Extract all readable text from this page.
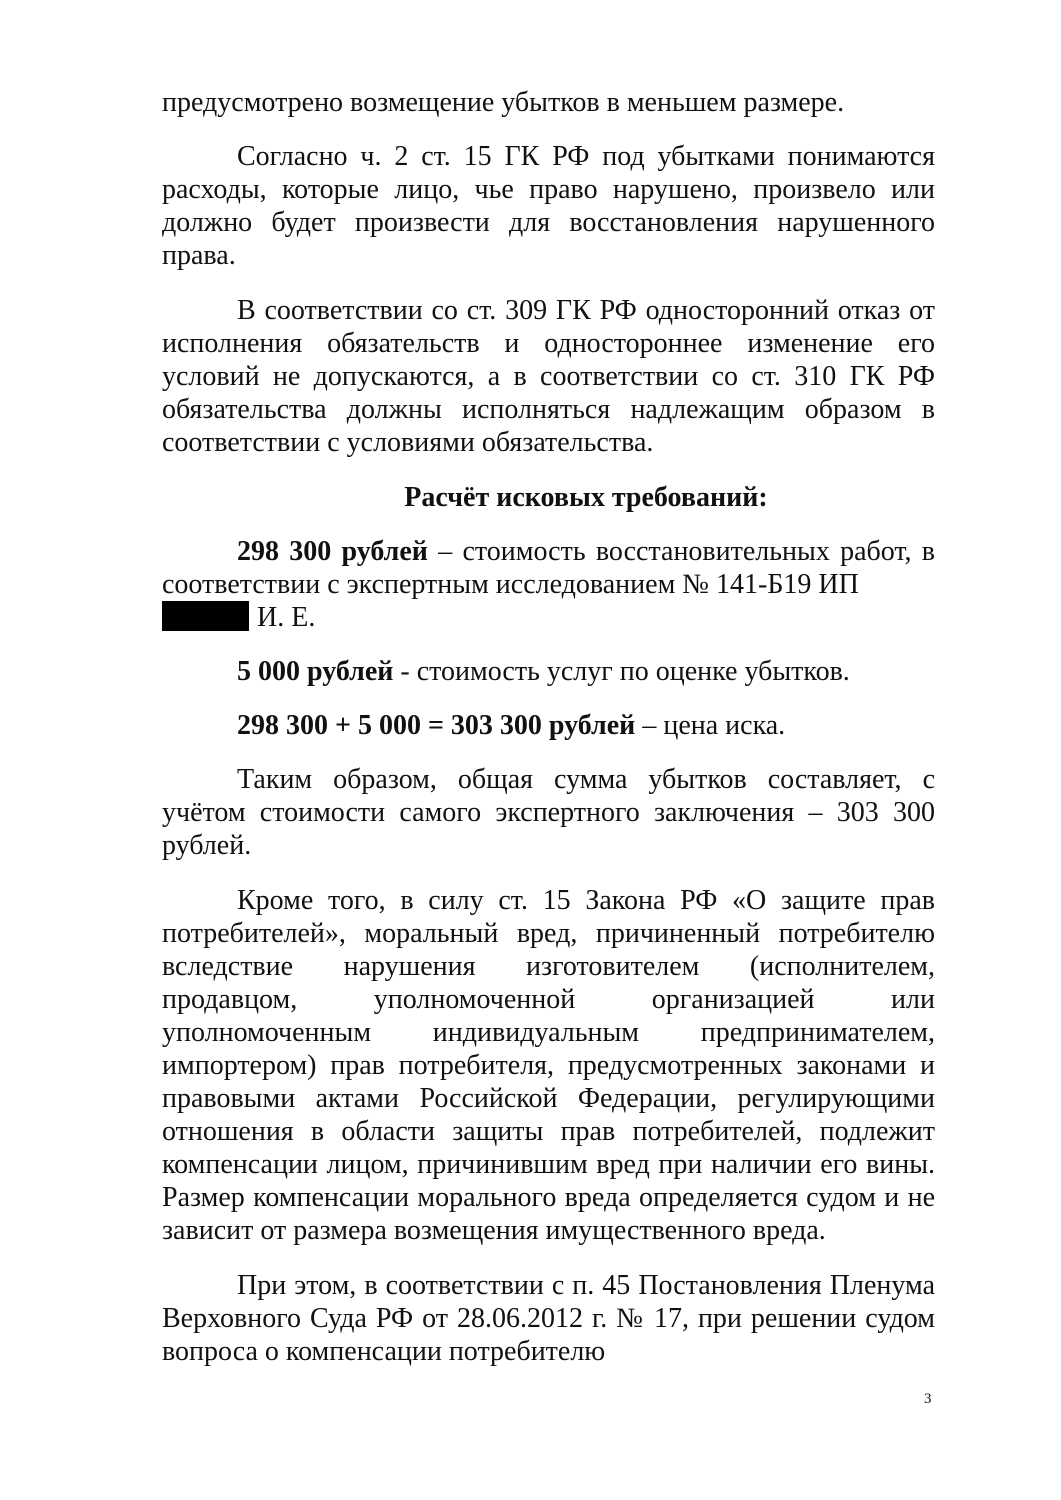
предусмотрено возмещение убытков в меньшем размере.

Согласно ч. 2 ст. 15 ГК РФ под убытками понимаются расходы, которые лицо, чье право нарушено, произвело или должно будет произвести для восстановления нарушенного права.

В соответствии со ст. 309 ГК РФ односторонний отказ от исполнения обязательств и одностороннее изменение его условий не допускаются, а в соответствии со ст. 310 ГК РФ обязательства должны исполняться надлежащим образом в соответствии с условиями обязательства.

Расчёт исковых требований:

298 300 рублей – стоимость восстановительных работ, в соответствии с экспертным исследованием № 141-Б19 ИП
И. Е.

5 000 рублей - стоимость услуг по оценке убытков.

298 300 + 5 000 = 303 300 рублей – цена иска.

Таким образом, общая сумма убытков составляет, с учётом стоимости самого экспертного заключения – 303 300 рублей.

Кроме того, в силу ст. 15 Закона РФ «О защите прав потребителей», моральный вред, причиненный потребителю вследствие нарушения изготовителем (исполнителем, продавцом, уполномоченной организацией или уполномоченным индивидуальным предпринимателем, импортером) прав потребителя, предусмотренных законами и правовыми актами Российской Федерации, регулирующими отношения в области защиты прав потребителей, подлежит компенсации лицом, причинившим вред при наличии его вины. Размер компенсации морального вреда определяется судом и не зависит от размера возмещения имущественного вреда.

При этом, в соответствии с п. 45 Постановления Пленума Верховного Суда РФ от 28.06.2012 г. № 17, при решении судом вопроса о компенсации потребителю

3
